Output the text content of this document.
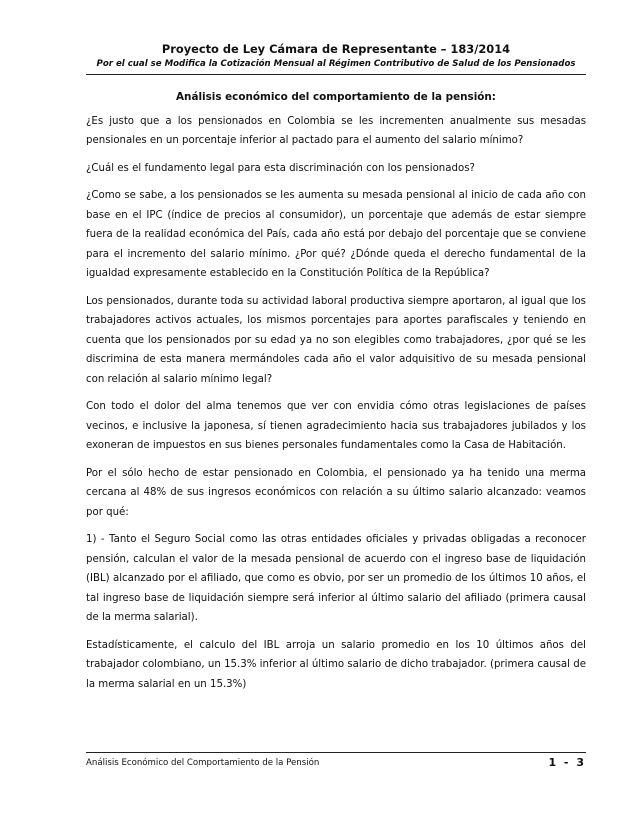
Proyecto de Ley Cámara de Representante – 183/2014
Por el cual se Modifica la Cotización Mensual al Régimen Contributivo de Salud de los Pensionados
Análisis económico del comportamiento de la pensión:

¿Es justo que a los pensionados en Colombia se les incrementen anualmente sus mesadas pensionales en un porcentaje inferior al pactado para el aumento del salario mínimo?

¿Cuál es el fundamento legal para esta discriminación con los pensionados?

¿Como se sabe, a los pensionados se les aumenta su mesada pensional al inicio de cada año con base en el IPC (índice de precios al consumidor), un porcentaje que además de estar siempre fuera de la realidad económica del País, cada año está por debajo del porcentaje que se conviene para el incremento del salario mínimo. ¿Por qué? ¿Dónde queda el derecho fundamental de la igualdad expresamente establecido en la Constitución Política de la República?

Los pensionados, durante toda su actividad laboral productiva siempre aportaron, al igual que los trabajadores activos actuales, los mismos porcentajes para aportes parafiscales y teniendo en cuenta que los pensionados por su edad ya no son elegibles como trabajadores, ¿por qué se les discrimina de esta manera mermándoles cada año el valor adquisitivo de su mesada pensional con relación al salario mínimo legal?

Con todo el dolor del alma tenemos que ver con envidia cómo otras legislaciones de países vecinos, e inclusive la japonesa, sí tienen agradecimiento hacia sus trabajadores jubilados y los exoneran de impuestos en sus bienes personales fundamentales como la Casa de Habitación.

Por el sólo hecho de estar pensionado en Colombia, el pensionado ya ha tenido una merma cercana al 48% de sus ingresos económicos con relación a su último salario alcanzado: veamos por qué:

1) - Tanto el Seguro Social como las otras entidades oficiales y privadas obligadas a reconocer pensión, calculan el valor de la mesada pensional de acuerdo con el ingreso base de liquidación (IBL) alcanzado por el afiliado, que como es obvio, por ser un promedio de los últimos 10 años, el tal ingreso base de liquidación siempre será inferior al último salario del afiliado (primera causal de la merma salarial).

Estadísticamente, el calculo del IBL arroja un salario promedio en los 10 últimos años del trabajador colombiano, un 15.3% inferior al último salario de dicho trabajador. (primera causal de la merma salarial en un 15.3%)

Análisis Económico del Comportamiento de la Pensión	1 - 3
